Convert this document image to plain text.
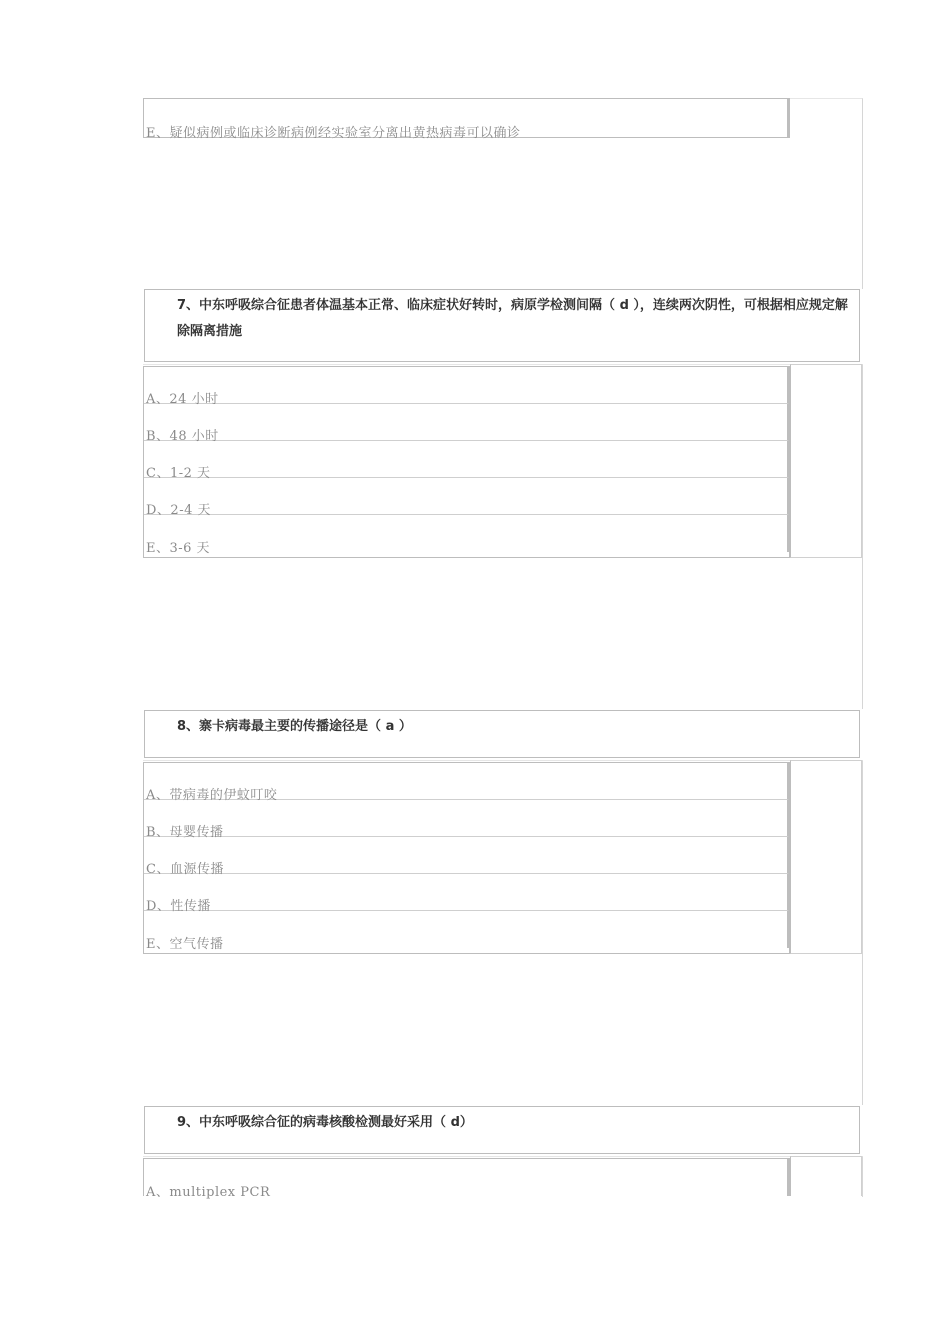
E、疑似病例或临床诊断病例经实验室分离出黄热病毒可以确诊
7、中东呼吸综合征患者体温基本正常、临床症状好转时，病原学检测间隔（ d ），连续两次阴性，可根据相应规定解除隔离措施
A、24 小时
B、48 小时
C、1-2 天
D、2-4 天
E、3-6 天
8、寨卡病毒最主要的传播途径是（ a ）
A、带病毒的伊蚊叮咬
B、母婴传播
C、血源传播
D、性传播
E、空气传播
9、中东呼吸综合征的病毒核酸检测最好采用（ d）
A、multiplex PCR
